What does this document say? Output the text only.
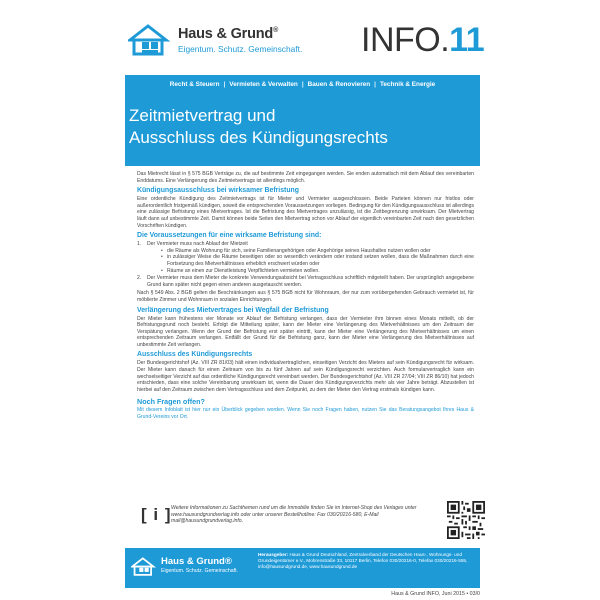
Haus & Grund®
Eigentum. Schutz. Gemeinschaft. INFO.11
Recht & Steuern | Vermieten & Verwalten | Bauen & Renovieren | Technik & Energie
Zeitmietvertrag und
Ausschluss des Kündigungsrechts

Das Mietrecht lässt in § 575 BGB Verträge zu, die auf bestimmte Zeit eingegangen werden. Sie enden automatisch mit dem Ablauf des vereinbarten Enddatums. Eine Verlängerung des Zeitmietvertrags ist allerdings möglich.

Kündigungsausschluss bei wirksamer Befristung

Eine ordentliche Kündigung des Zeitmietvertrags ist für Mieter und Vermieter ausgeschlossen. Beide Parteien können nur fristlos oder außerordentlich fristgemäß kündigen, soweit die entsprechenden Voraussetzungen vorliegen. Bedingung für den Kündigungsausschluss ist allerdings eine zulässige Befristung eines Mietvertrages. Ist die Befristung des Mietvertrages unzulässig, ist die Zeitbegrenzung unwirksam. Der Mietvertrag läuft dann auf unbestimmte Zeit. Damit können beide Seiten den Mietvertrag schon vor Ablauf der eigentlich vereinbarten Zeit nach den gesetzlichen Vorschriften kündigen.

Die Voraussetzungen für eine wirksame Befristung sind:
1. Der Vermieter muss nach Ablauf der Mietzeit
• die Räume als Wohnung für sich, seine Familienangehörigen oder Angehörige seines Haushaltes nutzen wollen oder
• in zulässiger Weise die Räume beseitigen oder so wesentlich verändern oder instand setzen wollen, dass die Maßnahmen durch eine Fortsetzung des Mietverhältnisses erheblich erschwert würden oder
• Räume an einen zur Dienstleistung Verpflichteten vermieten wollen.
2. Der Vermieter muss dem Mieter die konkrete Verwendungsabsicht bei Vertragsschluss schriftlich mitgeteilt haben. Der ursprünglich angegebene Grund kann später nicht gegen einen anderen ausgetauscht werden.

Nach § 549 Abs. 2 BGB gelten die Beschränkungen aus § 575 BGB nicht für Wohnraum, der nur zum vorübergehenden Gebrauch vermietet ist, für möblierte Zimmer und Wohnraum in sozialen Einrichtungen.

Verlängerung des Mietvertrages bei Wegfall der Befristung

Der Mieter kann frühestens vier Monate vor Ablauf der Befristung verlangen, dass der Vermieter ihm binnen eines Monats mitteilt, ob der Befristungsgrund noch besteht. Erfolgt die Mitteilung später, kann der Mieter eine Verlängerung des Mietverhältnisses um den Zeitraum der Verspätung verlangen. Wenn der Grund der Befristung erst später eintritt, kann der Mieter eine Verlängerung des Mietverhältnisses um einen entsprechenden Zeitraum verlangen. Entfällt der Grund für die Befristung ganz, kann der Mieter eine Verlängerung des Mietverhältnisses auf unbestimmte Zeit verlangen.

Ausschluss des Kündigungsrechts

Der Bundesgerichtshof (Az. VIII ZR 81/03) hält einen individualvertraglichen, einseitigen Verzicht des Mieters auf sein Kündigungsrecht für wirksam. Der Mieter kann danach für einen Zeitraum von bis zu fünf Jahren auf sein Kündigungsrecht verzichten. Auch formularvertraglich kann ein wechselseitiger Verzicht auf das ordentliche Kündigungsrecht vereinbart werden. Der Bundesgerichtshof (Az. VIII ZR 27/04; VIII ZR 86/10) hat jedoch entschieden, dass eine solche Vereinbarung unwirksam ist, wenn die Dauer des Kündigungsverzichts mehr als vier Jahre beträgt. Abzustellen ist hierbei auf den Zeitraum zwischen dem Vertragsschluss und dem Zeitpunkt, zu dem der Mieter den Vertrag erstmals kündigen kann.

Noch Fragen offen?

Mit diesem Infoblatt ist hier nur ein Überblick gegeben worden. Wenn Sie noch Fragen haben, nutzen Sie das Beratungsangebot Ihres Haus & Grund-Vereins vor Ort.

[ i ] Weitere Informationen zu Sachthemen rund um die Immobilie finden Sie im Internet-Shop des Verlages unter www.hausundgrundverlag.info oder unter unserer Bestellhotline: Fax 030/20216-580, E-Mail mail@hausundgrundverlag.info.
Haus & Grund®
Eigentum. Schutz. Gemeinschaft.
Herausgeber: Haus & Grund Deutschland, Zentralverband der Deutschen Haus-, Wohnungs- und Grundeigentümer e.V., Mohrenstraße 33, 10117 Berlin, Telefon 030/20216-0, Telefax 030/20216-555, info@hausundgrund.de, www.hausundgrund.de
Haus & Grund INFO, Juni 2015 • 03/0
